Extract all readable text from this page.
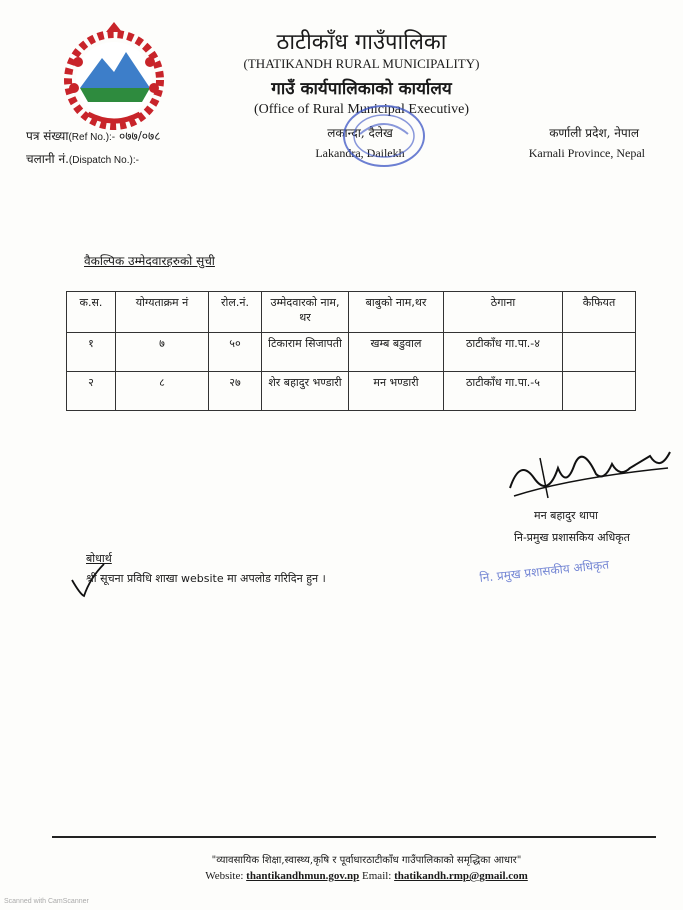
ठाटीकाँध गाउँपालिका
(THATIKANDH RURAL MUNICIPALITY)
गाउँ कार्यपालिकाको कार्यालय
(Office of Rural Municipal Executive)
लकान्दा, दैलेख
Lakandra, Dailekh
पत्र संख्या(Ref No.):- ०७७/०७८
चलानी नं.(Dispatch No.):-
कर्णाली प्रदेश, नेपाल
Karnali Province, Nepal
वैकल्पिक उम्मेदवारहरुको सुची
क.स.	योग्यताक्रम नं	रोल.नं.	उम्मेदवारको नाम, थर	बाबुको नाम,थर	ठेगाना	कैफियत
१	७	५०	टिकाराम सिजापती	खम्ब बडुवाल	ठाटीकाँध गा.पा.-४	
२	८	२७	शेर बहादुर भण्डारी	मन भण्डारी	ठाटीकाँध गा.पा.-५	
मन बहादुर थापा
नि-प्रमुख प्रशासकिय अधिकृत
नि. प्रमुख प्रशासकीय अधिकृत
बोधार्थ
श्री सूचना प्रविधि शाखा website मा अपलोड गरिदिन हुन ।
"व्यावसायिक शिक्षा,स्वास्थ्य,कृषि र पूर्वाधारठाटीकाँध गाउँपालिकाको समृद्धिका आधार"
Website: thantikandhmun.gov.np Email: thatikandh.rmp@gmail.com
Scanned with CamScanner
